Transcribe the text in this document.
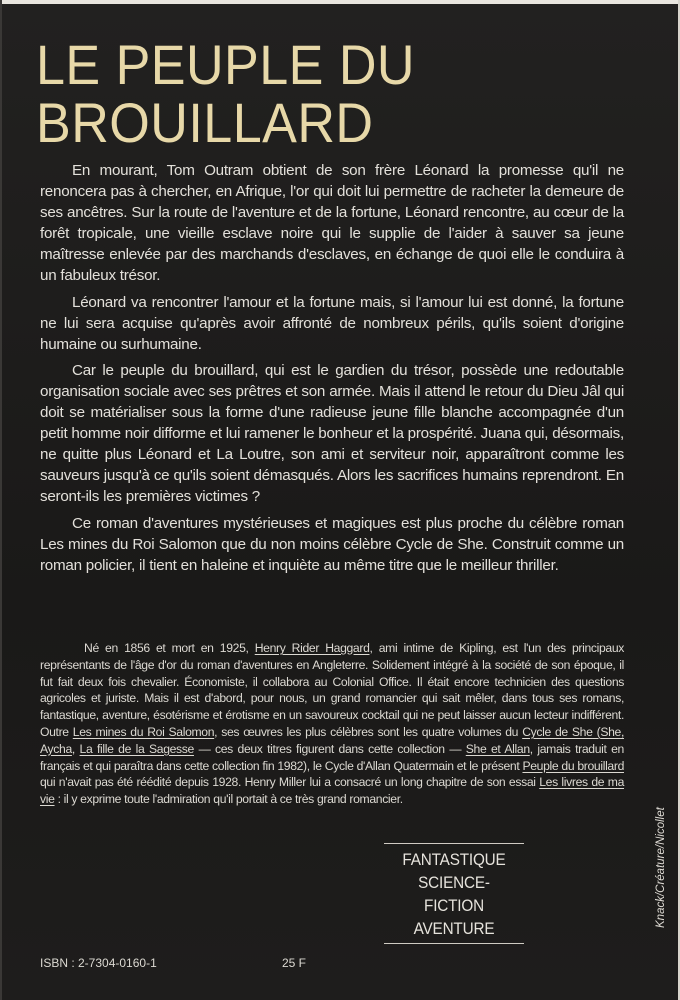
LE PEUPLE DU
BROUILLARD

En mourant, Tom Outram obtient de son frère Léonard la promesse qu'il ne renoncera pas à chercher, en Afrique, l'or qui doit lui permettre de racheter la demeure de ses ancêtres. Sur la route de l'aventure et de la fortune, Léonard rencontre, au cœur de la forêt tropicale, une vieille esclave noire qui le supplie de l'aider à sauver sa jeune maîtresse enlevée par des marchands d'esclaves, en échange de quoi elle le conduira à un fabuleux trésor.

Léonard va rencontrer l'amour et la fortune mais, si l'amour lui est donné, la fortune ne lui sera acquise qu'après avoir affronté de nombreux périls, qu'ils soient d'origine humaine ou surhumaine.

Car le peuple du brouillard, qui est le gardien du trésor, possède une redoutable organisation sociale avec ses prêtres et son armée. Mais il attend le retour du Dieu Jâl qui doit se matérialiser sous la forme d'une radieuse jeune fille blanche accompagnée d'un petit homme noir difforme et lui ramener le bonheur et la prospérité. Juana qui, désormais, ne quitte plus Léonard et La Loutre, son ami et serviteur noir, apparaîtront comme les sauveurs jusqu'à ce qu'ils soient démasqués. Alors les sacrifices humains reprendront. En seront-ils les premières victimes ?

Ce roman d'aventures mystérieuses et magiques est plus proche du célèbre roman Les mines du Roi Salomon que du non moins célèbre Cycle de She. Construit comme un roman policier, il tient en haleine et inquiète au même titre que le meilleur thriller.

Né en 1856 et mort en 1925, Henry Rider Haggard, ami intime de Kipling, est l'un des principaux représentants de l'âge d'or du roman d'aventures en Angleterre. Solidement intégré à la société de son époque, il fut fait deux fois chevalier. Économiste, il collabora au Colonial Office. Il était encore technicien des questions agricoles et juriste. Mais il est d'abord, pour nous, un grand romancier qui sait mêler, dans tous ses romans, fantastique, aventure, ésotérisme et érotisme en un savoureux cocktail qui ne peut laisser aucun lecteur indifférent. Outre Les mines du Roi Salomon, ses œuvres les plus célèbres sont les quatre volumes du Cycle de She (She, Aycha, La fille de la Sagesse — ces deux titres figurent dans cette collection — She et Allan, jamais traduit en français et qui paraîtra dans cette collection fin 1982), le Cycle d'Allan Quatermain et le présent Peuple du brouillard qui n'avait pas été réédité depuis 1928. Henry Miller lui a consacré un long chapitre de son essai Les livres de ma vie : il y exprime toute l'admiration qu'il portait à ce très grand romancier.

FANTASTIQUE
SCIENCE-FICTION
AVENTURE
Knack/Créature/Nicollet
ISBN : 2-7304-0160-1	25 F
